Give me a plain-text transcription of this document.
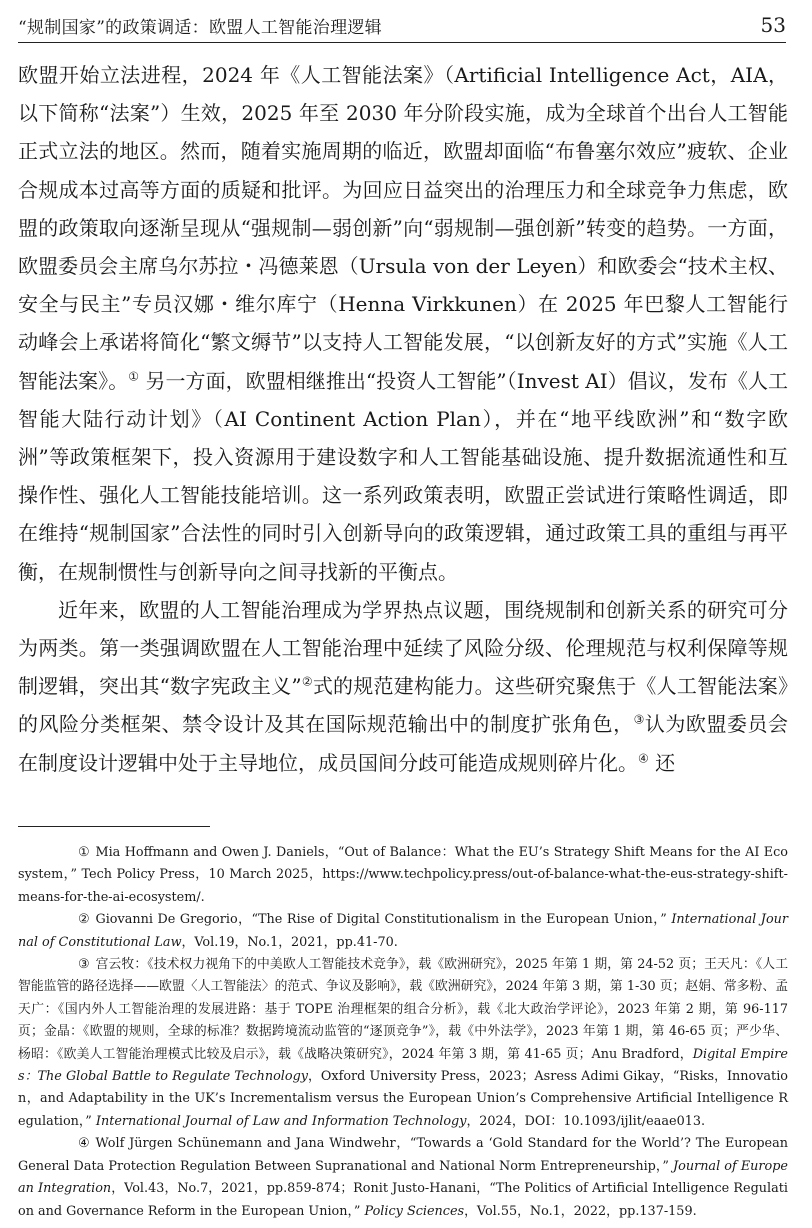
“规制国家”的政策调适：欧盟人工智能治理逻辑	53

欧盟开始立法进程，2024 年《人工智能法案》（Artificial Intelligence Act，AIA，以下简称“法案”）生效，2025 年至 2030 年分阶段实施，成为全球首个出台人工智能正式立法的地区。然而，随着实施周期的临近，欧盟却面临“布鲁塞尔效应”疲软、企业合规成本过高等方面的质疑和批评。为回应日益突出的治理压力和全球竞争力焦虑，欧盟的政策取向逐渐呈现从“强规制—弱创新”向“弱规制—强创新”转变的趋势。一方面，欧盟委员会主席乌尔苏拉・冯德莱恩（Ursula von der Leyen）和欧委会“技术主权、安全与民主”专员汉娜・维尔库宁（Henna Virkkunen）在 2025 年巴黎人工智能行动峰会上承诺将简化“繁文缛节”以支持人工智能发展，“以创新友好的方式”实施《人工智能法案》。① 另一方面，欧盟相继推出“投资人工智能”（Invest AI）倡议，发布《人工智能大陆行动计划》（AI Continent Action Plan），并在“地平线欧洲”和“数字欧洲”等政策框架下，投入资源用于建设数字和人工智能基础设施、提升数据流通性和互操作性、强化人工智能技能培训。这一系列政策表明，欧盟正尝试进行策略性调适，即在维持“规制国家”合法性的同时引入创新导向的政策逻辑，通过政策工具的重组与再平衡，在规制惯性与创新导向之间寻找新的平衡点。

近年来，欧盟的人工智能治理成为学界热点议题，围绕规制和创新关系的研究可分为两类。第一类强调欧盟在人工智能治理中延续了风险分级、伦理规范与权利保障等规制逻辑，突出其“数字宪政主义”②式的规范建构能力。这些研究聚焦于《人工智能法案》的风险分类框架、禁令设计及其在国际规范输出中的制度扩张角色，③认为欧盟委员会在制度设计逻辑中处于主导地位，成员国间分歧可能造成规则碎片化。④ 还

① Mia Hoffmann and Owen J. Daniels，“Out of Balance：What the EU’s Strategy Shift Means for the AI Ecosystem，” Tech Policy Press，10 March 2025，https://www.techpolicy.press/out-of-balance-what-the-eus-strategy-shift-means-for-the-ai-ecosystem/.

② Giovanni De Gregorio，“The Rise of Digital Constitutionalism in the European Union，” International Journal of Constitutional Law，Vol.19，No.1，2021，pp.41-70.

③ 宫云牧：《技术权力视角下的中美欧人工智能技术竞争》，载《欧洲研究》，2025 年第 1 期，第 24-52 页；王天凡：《人工智能监管的路径选择——欧盟〈人工智能法〉的范式、争议及影响》，载《欧洲研究》，2024 年第 3 期，第 1-30 页；赵娟、常多粉、孟天广：《国内外人工智能治理的发展进路：基于 TOPE 治理框架的组合分析》，载《北大政治学评论》，2023 年第 2 期，第 96-117 页；金晶：《欧盟的规则，全球的标准？数据跨境流动监管的“逐顶竞争”》，载《中外法学》，2023 年第 1 期，第 46-65 页；严少华、杨昭：《欧美人工智能治理模式比较及启示》，载《战略决策研究》，2024 年第 3 期，第 41-65 页；Anu Bradford，Digital Empires：The Global Battle to Regulate Technology，Oxford University Press，2023；Asress Adimi Gikay，“Risks，Innovation，and Adaptability in the UK’s Incrementalism versus the European Union’s Comprehensive Artificial Intelligence Regulation，” International Journal of Law and Information Technology，2024，DOI：10.1093/ijlit/eaae013.

④ Wolf Jürgen Schünemann and Jana Windwehr，“Towards a ‘Gold Standard for the World’? The European General Data Protection Regulation Between Supranational and National Norm Entrepreneurship，” Journal of European Integration，Vol.43，No.7，2021，pp.859-874；Ronit Justo-Hanani，“The Politics of Artificial Intelligence Regulation and Governance Reform in the European Union，” Policy Sciences，Vol.55，No.1，2022，pp.137-159.
